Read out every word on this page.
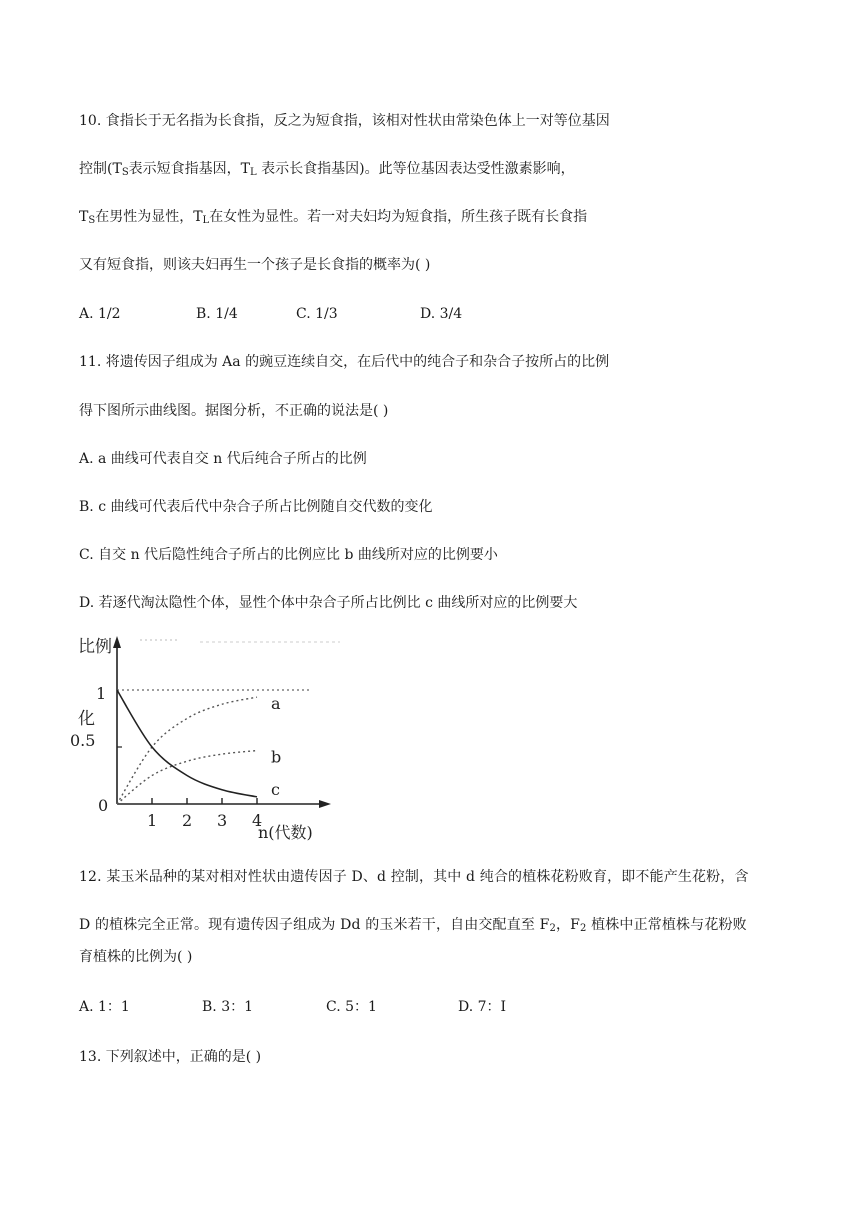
10. 食指长于无名指为长食指，反之为短食指，该相对性状由常染色体上一对等位基因
控制($T_S$表示短食指基因，$T_L$ 表示长食指基因)。此等位基因表达受性激素影响，
$T_S$在男性为显性，$T_L$在女性为显性。若一对夫妇均为短食指，所生孩子既有长食指
又有短食指，则该夫妇再生一个孩子是长食指的概率为( )
A. 1/2	B. 1/4	C. 1/3	D. 3/4
11. 将遗传因子组成为 Aa 的豌豆连续自交，在后代中的纯合子和杂合子按所占的比例
得下图所示曲线图。据图分析，不正确的说法是( )
A. a 曲线可代表自交 n 代后纯合子所占的比例
B. c 曲线可代表后代中杂合子所占比例随自交代数的变化
C. 自交 n 代后隐性纯合子所占的比例应比 b 曲线所对应的比例要小
D. 若逐代淘汰隐性个体，显性个体中杂合子所占比例比 c 曲线所对应的比例要大
比例
化
1 2 3 4
0
0.5
1
a
b
c
n(代数)
12. 某玉米品种的某对相对性状由遗传因子 D、d 控制，其中 d 纯合的植株花粉败育，即不能产生花粉，含
D 的植株完全正常。现有遗传因子组成为 Dd 的玉米若干，自由交配直至 $F_2$，$F_2$ 植株中正常植株与花粉败
育植株的比例为( )
A. 1：1	B. 3：1	C. 5：1	D. 7：I
13. 下列叙述中，正确的是( )
